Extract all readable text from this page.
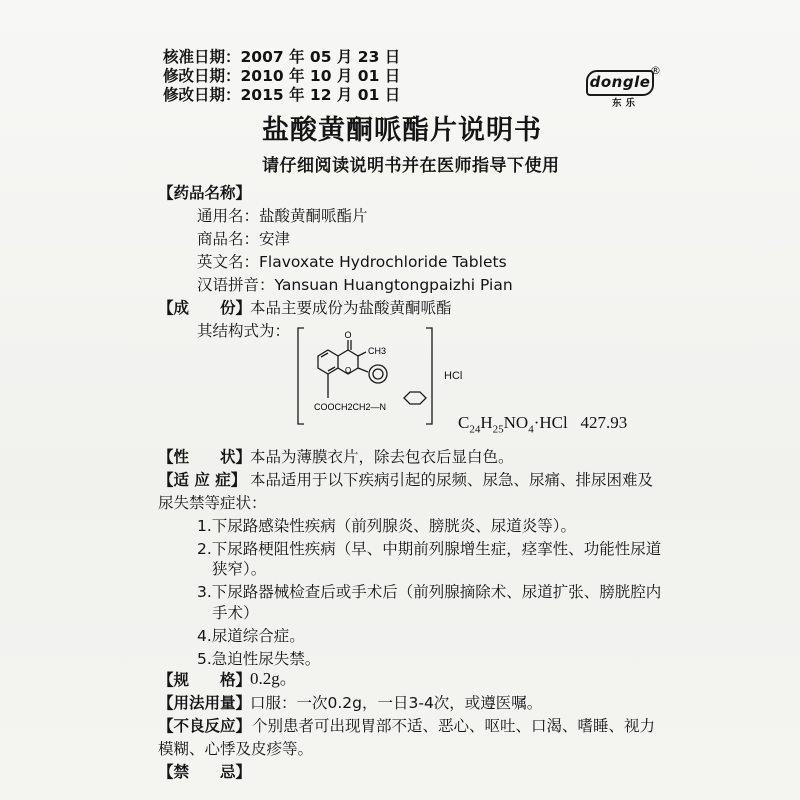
核准日期：2007 年 05 月 23 日
修改日期：2010 年 10 月 01 日
修改日期：2015 年 12 月 01 日
dongle
®
东乐
盐酸黄酮哌酯片说明书
请仔细阅读说明书并在医师指导下使用
【药品名称】
通用名：盐酸黄酮哌酯片
商品名：安津
英文名：Flavoxate Hydrochloride Tablets
汉语拼音：Yansuan Huangtongpaizhi Pian
【成　　份】
本品主要成份为盐酸黄酮哌酯
其结构式为：	O
O
CH3
COOCH2CH2—N
HCl
$C_{24}H_{25}NO_4\cdot HCl$   427.93
【性　　状】
本品为薄膜衣片，除去包衣后显白色。
【适 应 症】 本品适用于以下疾病引起的尿频、尿急、尿痛、排尿困难及
尿失禁等症状：
1.下尿路感染性疾病（前列腺炎、膀胱炎、尿道炎等）。
2.下尿路梗阻性疾病（早、中期前列腺增生症，痉挛性、功能性尿道
狭窄）。
3.下尿路器械检查后或手术后（前列腺摘除术、尿道扩张、膀胱腔内
手术）
4.尿道综合症。
5.急迫性尿失禁。
【规　　格】
0.2g。
【用法用量】
口服：一次0.2g，一日3-4次，或遵医嘱。
【不良反应】 个别患者可出现胃部不适、恶心、呕吐、口渴、嗜睡、视力
模糊、心悸及皮疹等。
【禁　　忌】
